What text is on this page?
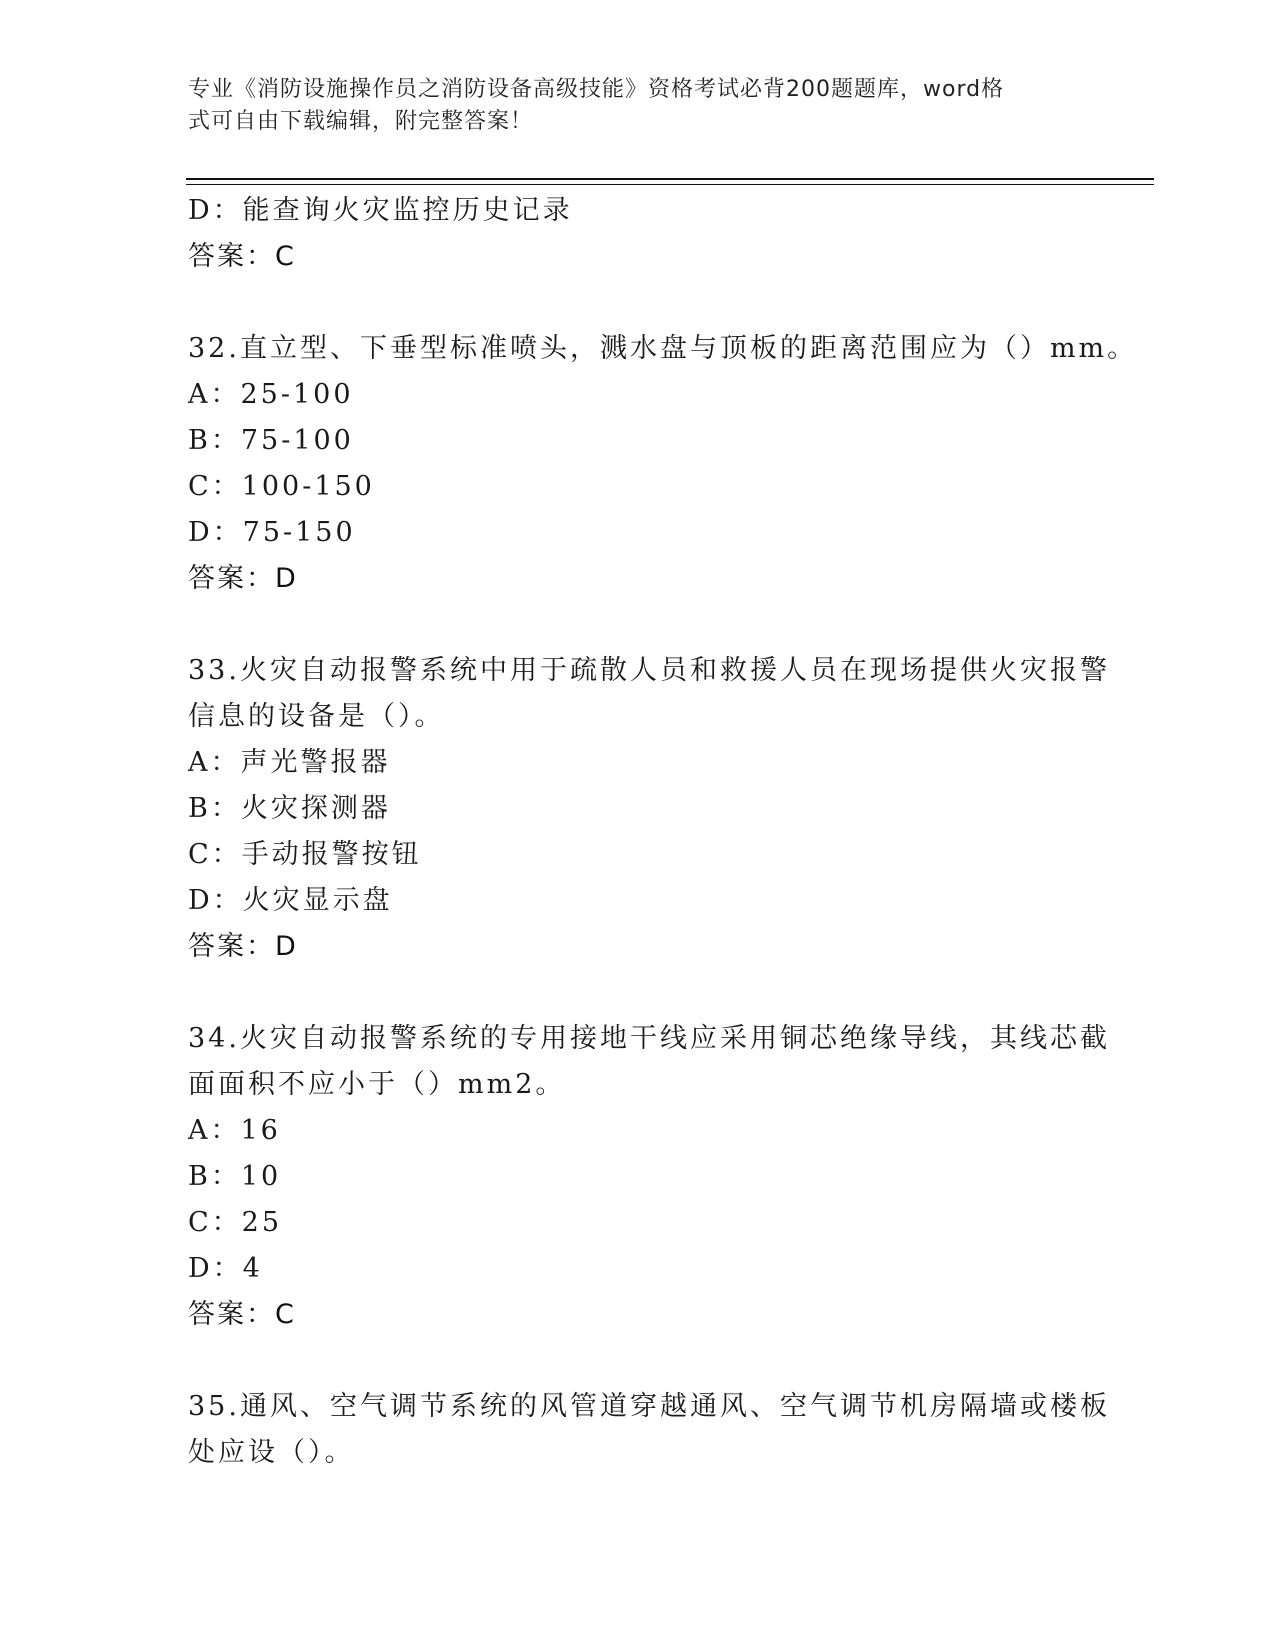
专业《消防设施操作员之消防设备高级技能》资格考试必背200题题库，word格
式可自由下载编辑，附完整答案！
D：能查询火灾监控历史记录
答案：C
32.直立型、下垂型标准喷头，溅水盘与顶板的距离范围应为（）mm。
A：25-100
B：75-100
C：100-150
D：75-150
答案：D
33.火灾自动报警系统中用于疏散人员和救援人员在现场提供火灾报警
信息的设备是（）。
A：声光警报器
B：火灾探测器
C：手动报警按钮
D：火灾显示盘
答案：D
34.火灾自动报警系统的专用接地干线应采用铜芯绝缘导线，其线芯截
面面积不应小于（）mm2。
A：16
B：10
C：25
D：4
答案：C
35.通风、空气调节系统的风管道穿越通风、空气调节机房隔墙或楼板
处应设（）。
